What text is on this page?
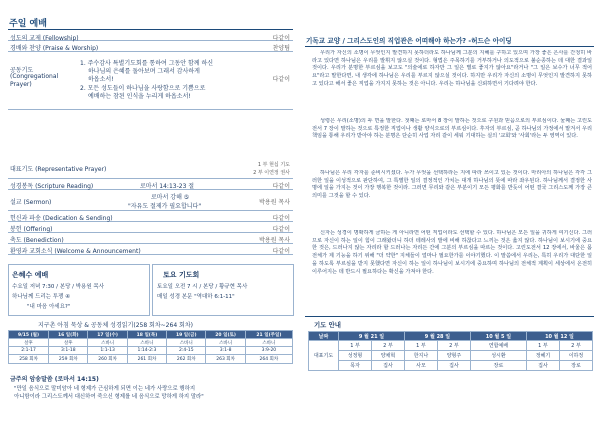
주일 예배
성도의 교제 (Fellowship)	다같이
경배와 찬양 (Praise & Worship)	찬양팀
공동기도
(Congregational
Prayer)
1. 주수감사 특별기도회를 통하여 그동안 함께 하신
하나님의 은혜를 돌아보며 그래서 감사하게
하옵소서!
2. 모든 성도들이 하나님을 사랑함으로 기쁨으로
예배하는 참된 인식을 누리게 하옵소서!
다같이
대표기도 (Representative Prayer)
1 부 현십 기도
2 부 이연정 권사
성경봉독 (Scripture Reading)	로마서 14:13-23 절	다같이
설교 (Sermon)
로마서 강해 ⑤
"자유도 절제가 필요합니다"
박용원 목사
헌신과 파송 (Dedication & Sending)	다같이
봉헌 (Offering)	다같이
축도 (Benediction)	박용원 목사
환영과 교회소식 (Welcome & Announcement)	다같이
은혜수 예배
수요일 저녁 7:30 / 본당 / 박용원 목사
하나님께 드리는 투쟁 ④
"내 마음 아세요?"
토요 기도회
토요일 오전 7 시 / 본당 / 황규현 목사
매일 성경 본문 "역대하 6:1-11"
지구촌 아침 묵상 & 공동체 성경읽기(258 회차~264 회차)
9/15 (월)	16 일(화)	17 일(수)	18 일(목)	19 일(금)	20 일(토)	21 일(주일)
살후	살후	스바니	스바니	스바니	스바니	스바니
2:1-17	3:1-18	1:1-13	1:14-2:3	2:4-15	3:1-8	3:9-20
258 회차	259 회차	260 회차	261 회차	262 회차	263 회차	264 회차
금주의 암송말씀 (로마서 14:15)
"만일 음식으로 말미암아 네 형제가 근심하게 되면 이는 네가 사랑으로 행하지
아니함이라 그리스도께서 대신하여 죽으신 형제를 네 음식으로 망하게 하지 말라"
기독교 교양 / 그리스도인의 직업관은 어떠해야 하는가? -허드슨 아이딩
우리가 자신의 소명이 무엇인지 발견하지 못하더라도 하나님께 그분의 지혜를 구하고 있으며 가장 좋은 은사를 간청히 바라고 있다면 하나님은 우리를 발휘지 않으실 것이다. 형법은 주목하기를 거부하거나 의도적으로 불순종하는 데 대한 결과일 것이다. 우리가 분명한 부르심을 보고도 "의술에로 하자만 그 일은 별로 좋지가 않아요"라거나 "그 일은 보수가 너무 적어요"라고 말한다면, 내 생각에 하나님은 우리를 부르지 않으실 것이다. 하지만 우리가 자신의 소명이 무엇인지 발견하지 못하고 있다고 해서 좋은 직업을 가지지 못하는 것은 아니다. 우리는 하나님을 신뢰하면서 기다려야 한다.
성령은 우리(소명)의 두 면을 말한다. 첫째는 로마서 8 장이 말하는 것으로 구원과 믿음으로의 부르심이다. 둘째는 고린도전서 7 장이 말하는 것으로 특정한 직업이나 생활 양식으로의 부르심이다. 후자의 부르심, 곧 하나님의 가정에서 맡겨서 우리 책임을 통해 우리가 받아야 하는 분명은 단순히 사업 자리 같이 세워 기대하는 실의 '교회'와 '사회'라는 두 영역이 있다.
하나님은 우리 각자를 준비시키셨다. 누가 무엇을 선택하라는 지에 따라 쓰이고 있는 것이다. 마리아의 하나님은 각각 그러한 일을 이성적으로 판단하여, 그 특별한 일의 결정적인 가치는 대개 하나님의 뜻에 따라 좌우된다. 하나님께서 결정한 사명에 일을 가지는 것이 가장 행복한 것이라. 그러면 무리와 같은 부분이기 모든 평화를 반듯이 어떤 결국 그리스도께 가장 큰 의미를 그것을 할 수 있다.
신자는 성경이 명확하게 금하는 게 아니라면 어떤 직업이라도 선택할 수 있다. 하나님은 모든 일을 귀하게 여기신다. 그러므로 자신이 하는 일이 힘이 그래왔더니 하더 테레사의 발에 비해 하찮다고 느끼는 것은 옳지 않다. 하나님이 보시기에 중요한 것은, 드러나지 않는 자리라 할 드러나는 자리든 간에 그분의 부르심을 따르는 것이다. 고린도전서 12 장에서, 바울은 몸 전체가 제 기능을 하기 위해 "더 약한" 지체들이 얼마나 필요한가를 이야기했다. 이 말씀에서 우리는, 특히 우리가 대단한 일을 하도록 부르심을 받지 못했다면 자신이 하는 일이 하나님이 보시기에 중요하며 하나님의 전체적 계획이 세상에서 온전히 이루어지는 데 반드시 필요하다는 확신을 가져야 한다.
기도 안내
날짜	9 월 21 일		9 월 28 일		10 월 5 일	10 월 12 일	
대표기도	1 부	2 부	1 부	2 부	연합예배	1 부	2 부
	성정형	양채혁	한지나	양형주	성시환	정혜기	이하정
	목자	집사	사모	집사	장로	집사	장로
